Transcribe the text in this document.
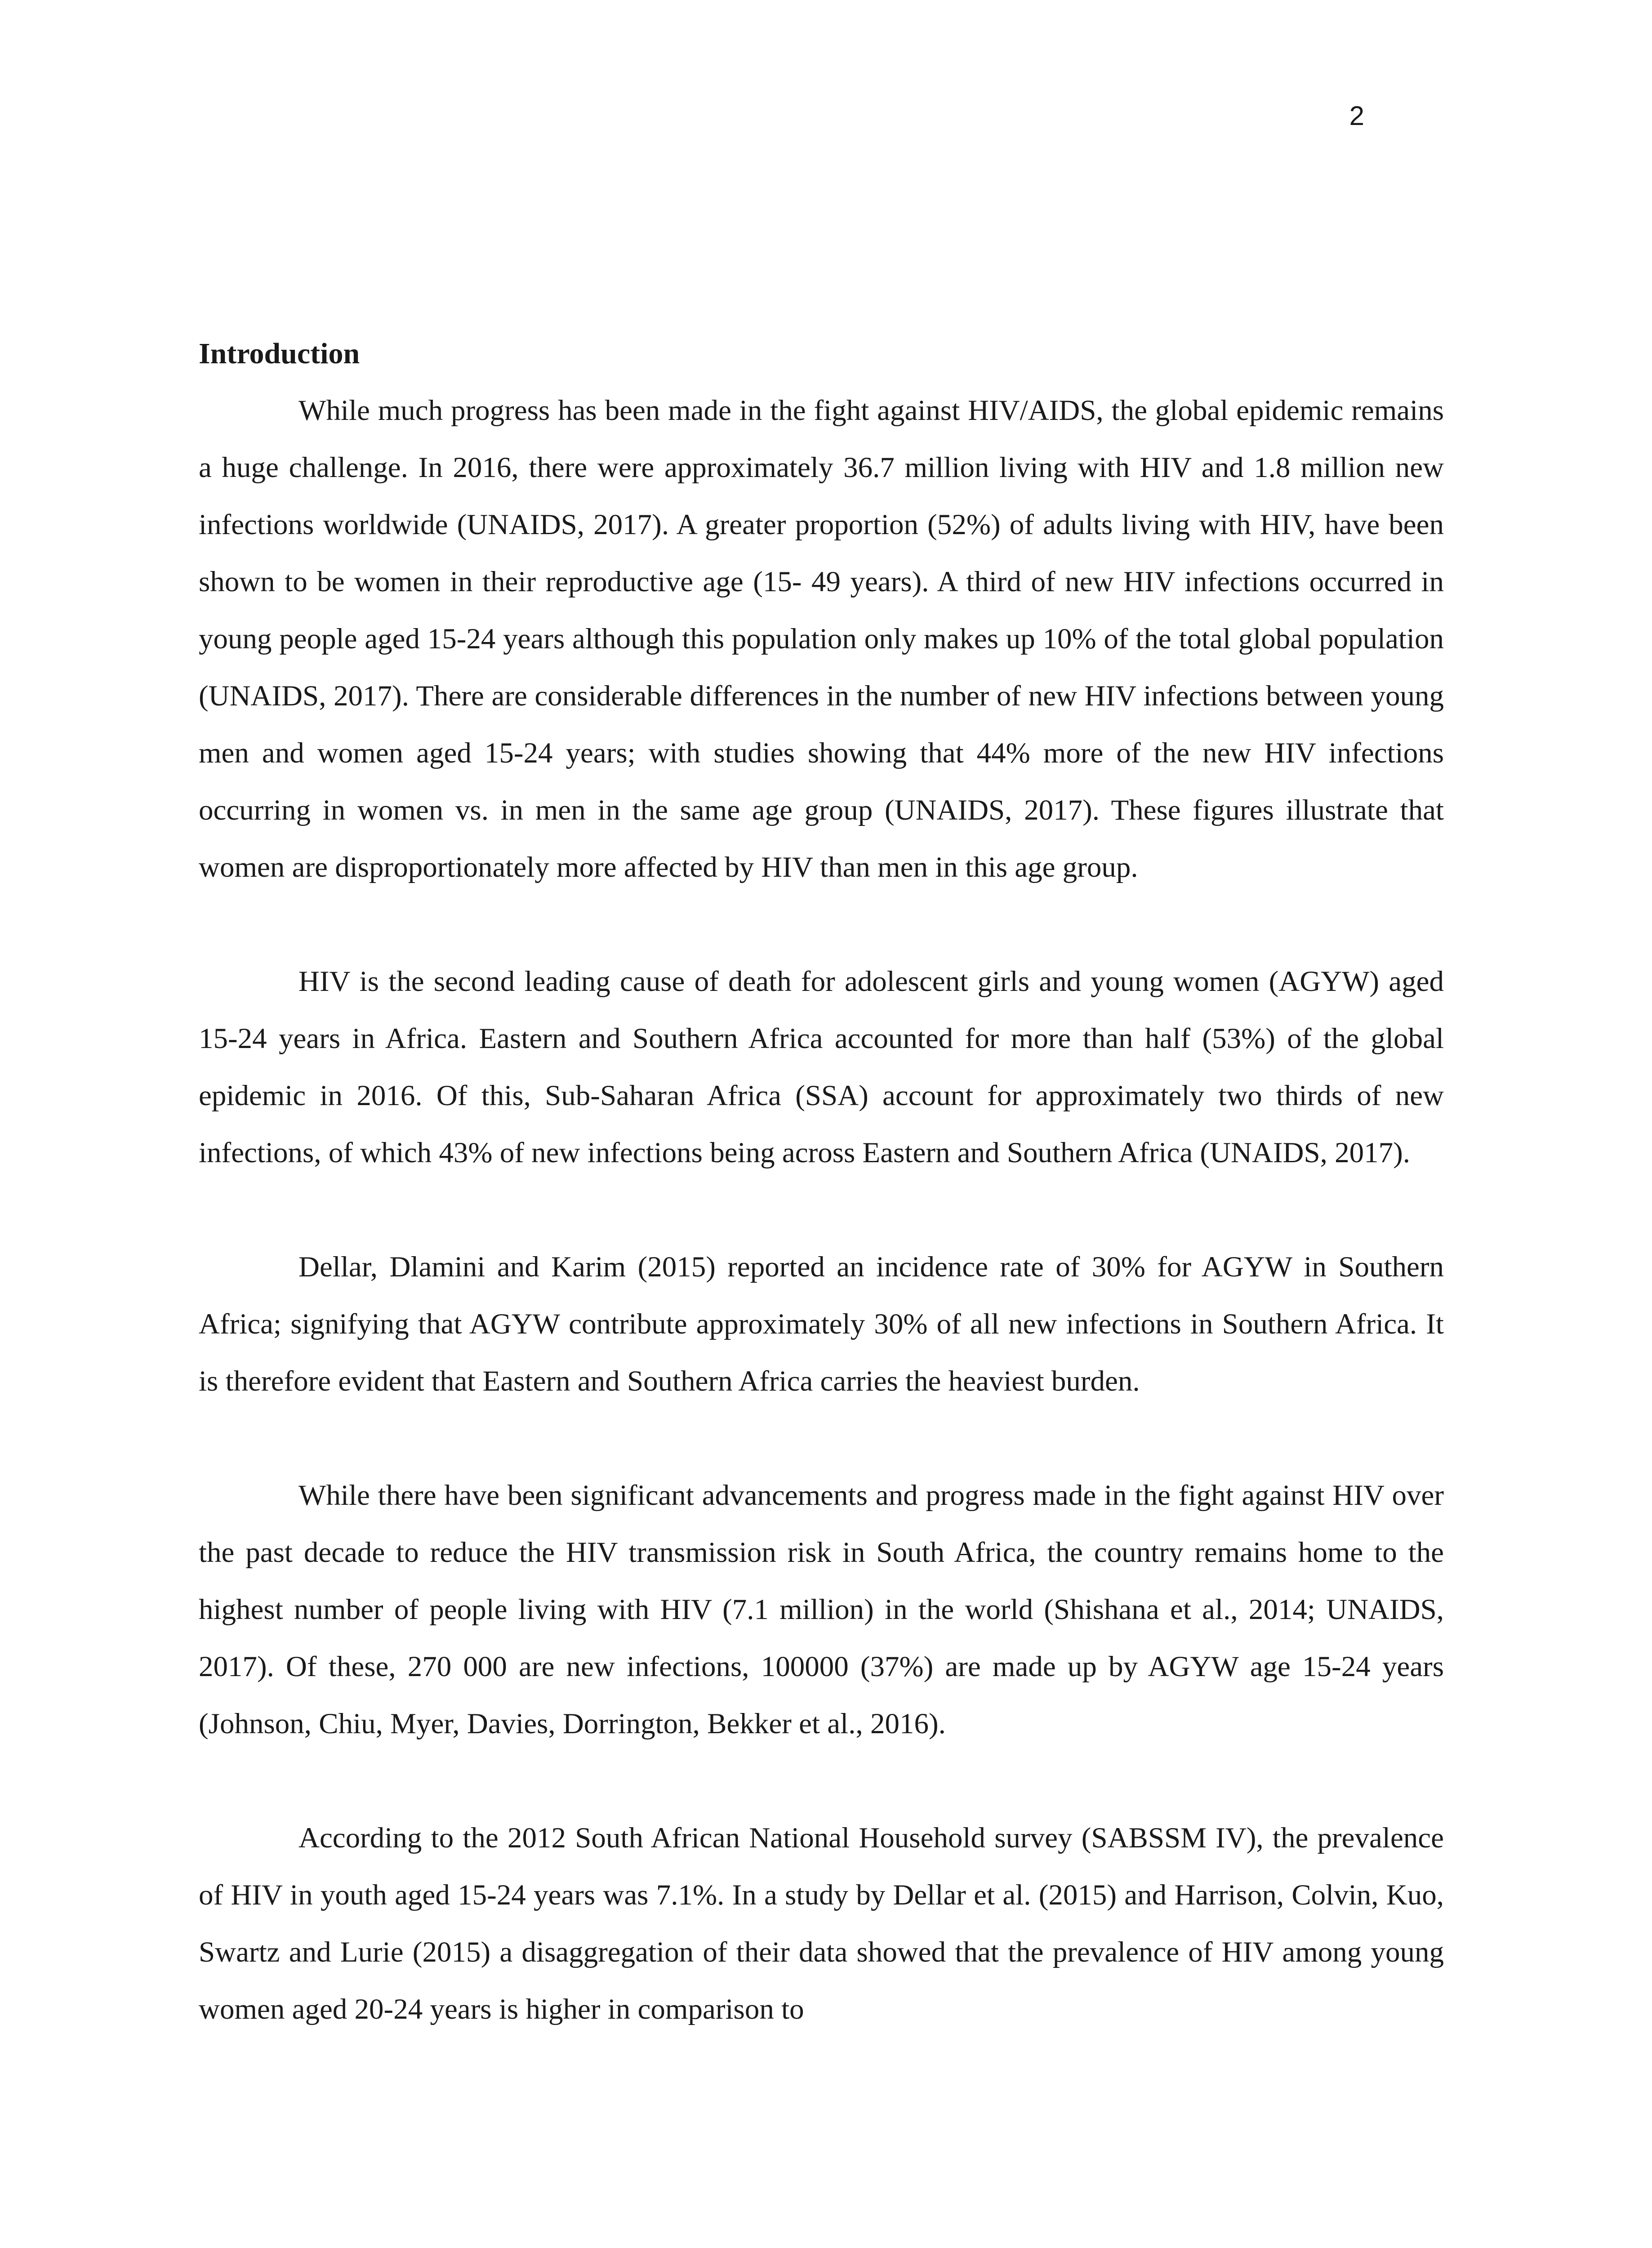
2
Introduction

While much progress has been made in the fight against HIV/AIDS, the global epidemic remains a huge challenge. In 2016, there were approximately 36.7 million living with HIV and 1.8 million new infections worldwide (UNAIDS, 2017). A greater proportion (52%) of adults living with HIV, have been shown to be women in their reproductive age (15- 49 years). A third of new HIV infections occurred in young people aged 15-24 years although this population only makes up 10% of the total global population (UNAIDS, 2017). There are considerable differences in the number of new HIV infections between young men and women aged 15-24 years; with studies showing that 44% more of the new HIV infections occurring in women vs. in men in the same age group (UNAIDS, 2017). These figures illustrate that women are disproportionately more affected by HIV than men in this age group.

HIV is the second leading cause of death for adolescent girls and young women (AGYW) aged 15-24 years in Africa. Eastern and Southern Africa accounted for more than half (53%) of the global epidemic in 2016. Of this, Sub-Saharan Africa (SSA) account for approximately two thirds of new infections, of which 43% of new infections being across Eastern and Southern Africa (UNAIDS, 2017).

Dellar, Dlamini and Karim (2015) reported an incidence rate of 30% for AGYW in Southern Africa; signifying that AGYW contribute approximately 30% of all new infections in Southern Africa. It is therefore evident that Eastern and Southern Africa carries the heaviest burden.

While there have been significant advancements and progress made in the fight against HIV over the past decade to reduce the HIV transmission risk in South Africa, the country remains home to the highest number of people living with HIV (7.1 million) in the world (Shishana et al., 2014; UNAIDS, 2017). Of these, 270 000 are new infections, 100000 (37%) are made up by AGYW age 15-24 years (Johnson, Chiu, Myer, Davies, Dorrington, Bekker et al., 2016).

According to the 2012 South African National Household survey (SABSSM IV), the prevalence of HIV in youth aged 15-24 years was 7.1%. In a study by Dellar et al. (2015) and Harrison, Colvin, Kuo, Swartz and Lurie (2015) a disaggregation of their data showed that the prevalence of HIV among young women aged 20-24 years is higher in comparison to
